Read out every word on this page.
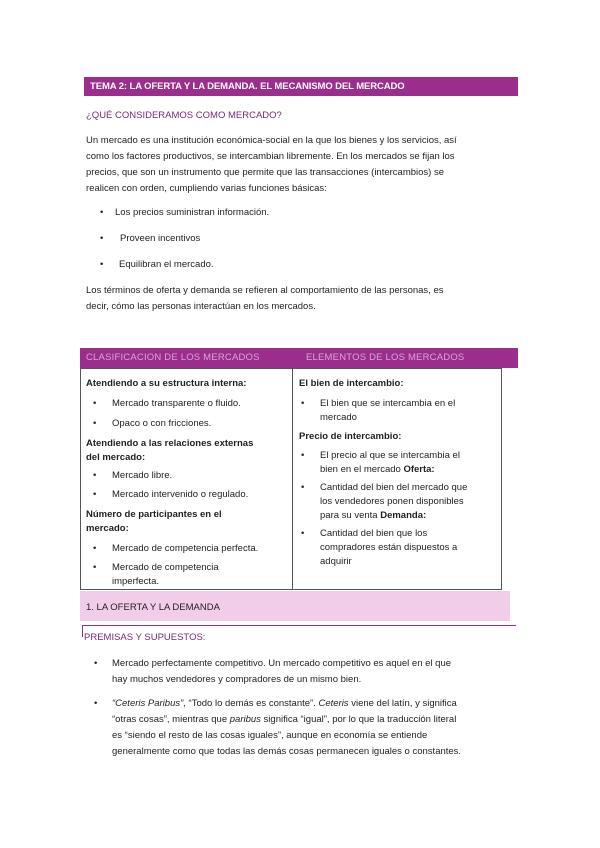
TEMA 2: LA OFERTA Y LA DEMANDA. EL MECANISMO DEL MERCADO
¿QUÉ CONSIDERAMOS COMO MERCADO?
Un mercado es una institución económica-social en la que los bienes y los servicios, así
como los factores productivos, se intercambian libremente. En los mercados se fijan los
precios, que son un instrumento que permite que las transacciones (intercambios) se
realicen con orden, cumpliendo varias funciones básicas:
• Los precios suministran información.
• Proveen incentivos
• Equilibran el mercado.
Los términos de oferta y demanda se refieren al comportamiento de las personas, es
decir, cómo las personas interactúan en los mercados.
CLASIFICACION DE LOS MERCADOS	ELEMENTOS DE LOS MERCADOS
Atendiendo a su estructura interna:
• Mercado transparente o fluido.
• Opaco o con fricciones.
Atendiendo a las relaciones externas
del mercado:
• Mercado libre.
• Mercado intervenido o regulado.
Número de participantes en el
mercado:
• Mercado de competencia perfecta.
• Mercado de competencia
imperfecta.
El bien de intercambio:
• El bien que se intercambia en el
mercado
Precio de intercambio:
• El precio al que se intercambia el
bien en el mercado Oferta:
• Cantidad del bien del mercado que
los vendedores ponen disponibles
para su venta Demanda:
• Cantidad del bien que los
compradores están dispuestos a
adquirir
1. LA OFERTA Y LA DEMANDA
PREMISAS Y SUPUESTOS:
• Mercado perfectamente competitivo. Un mercado competitivo es aquel en el que
hay muchos vendedores y compradores de un mismo bien.
• “Ceteris Paribus”, “Todo lo demás es constante”. Ceteris viene del latín, y significa
“otras cosas”, mientras que paribus significa “igual”, por lo que la traducción literal
es “siendo el resto de las cosas iguales”, aunque en economía se entiende
generalmente como que todas las demás cosas permanecen iguales o constantes.
